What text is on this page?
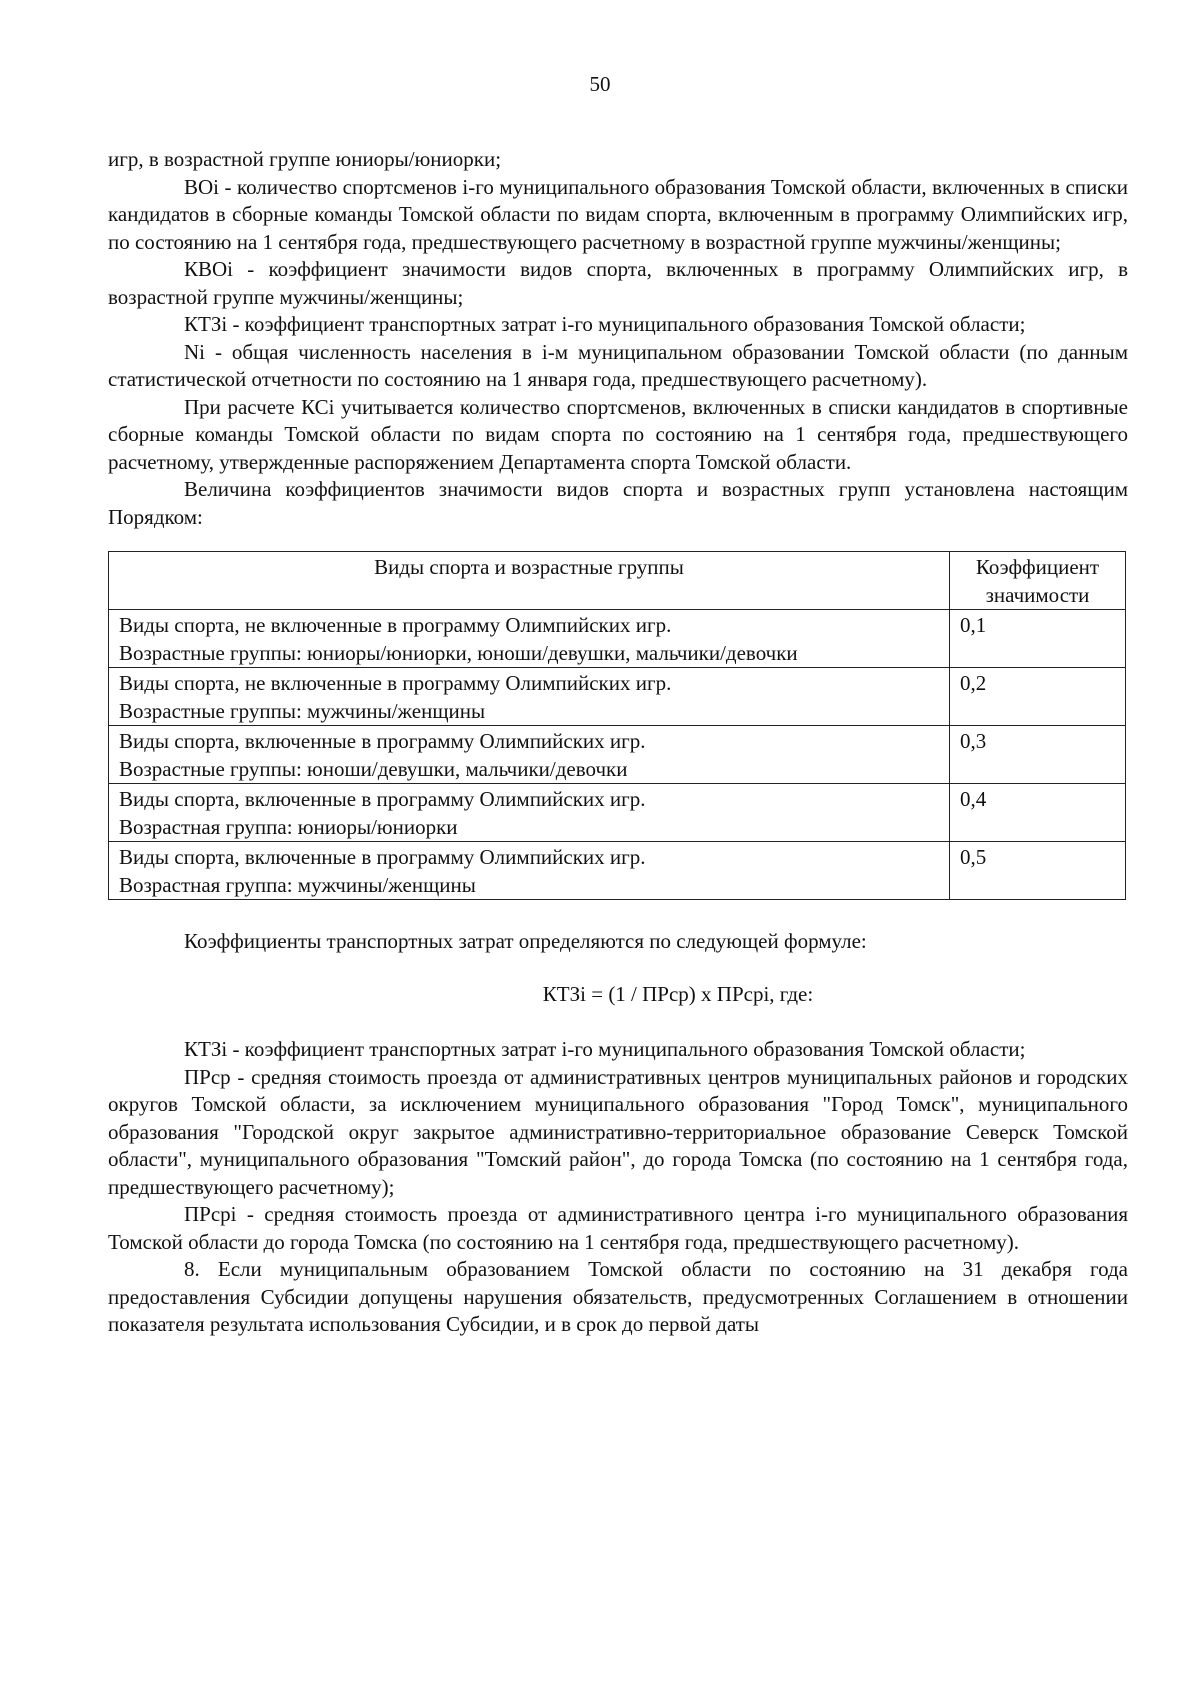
50

игр, в возрастной группе юниоры/юниорки;

ВОi - количество спортсменов i-го муниципального образования Томской области, включенных в списки кандидатов в сборные команды Томской области по видам спорта, включенным в программу Олимпийских игр, по состоянию на 1 сентября года, предшествующего расчетному в возрастной группе мужчины/женщины;

КВОi - коэффициент значимости видов спорта, включенных в программу Олимпийских игр, в возрастной группе мужчины/женщины;

КТЗi - коэффициент транспортных затрат i-го муниципального образования Томской области;

Ni - общая численность населения в i-м муниципальном образовании Томской области (по данным статистической отчетности по состоянию на 1 января года, предшествующего расчетному).

При расчете КСi учитывается количество спортсменов, включенных в списки кандидатов в спортивные сборные команды Томской области по видам спорта по состоянию на 1 сентября года, предшествующего расчетному, утвержденные распоряжением Департамента спорта Томской области.

Величина коэффициентов значимости видов спорта и возрастных групп установлена настоящим Порядком:

Виды спорта и возрастные группы	Коэффициент
значимости

Виды спорта, не включенные в программу Олимпийских игр.
Возрастные группы: юниоры/юниорки, юноши/девушки, мальчики/девочки	0,1

Виды спорта, не включенные в программу Олимпийских игр.
Возрастные группы: мужчины/женщины	0,2

Виды спорта, включенные в программу Олимпийских игр.
Возрастные группы: юноши/девушки, мальчики/девочки	0,3

Виды спорта, включенные в программу Олимпийских игр.
Возрастная группа: юниоры/юниорки	0,4

Виды спорта, включенные в программу Олимпийских игр.
Возрастная группа: мужчины/женщины	0,5

Коэффициенты транспортных затрат определяются по следующей формуле:

КТЗi = (1 / ПРср) х ПРсрi, где:

КТЗi - коэффициент транспортных затрат i-го муниципального образования Томской области;

ПРср - средняя стоимость проезда от административных центров муниципальных районов и городских округов Томской области, за исключением муниципального образования "Город Томск", муниципального образования "Городской округ закрытое административно-территориальное образование Северск Томской области", муниципального образования "Томский район", до города Томска (по состоянию на 1 сентября года, предшествующего расчетному);

ПРсрi - средняя стоимость проезда от административного центра i-го муниципального образования Томской области до города Томска (по состоянию на 1 сентября года, предшествующего расчетному).

8. Если муниципальным образованием Томской области по состоянию на 31 декабря года предоставления Субсидии допущены нарушения обязательств, предусмотренных Соглашением в отношении показателя результата использования Субсидии, и в срок до первой даты
